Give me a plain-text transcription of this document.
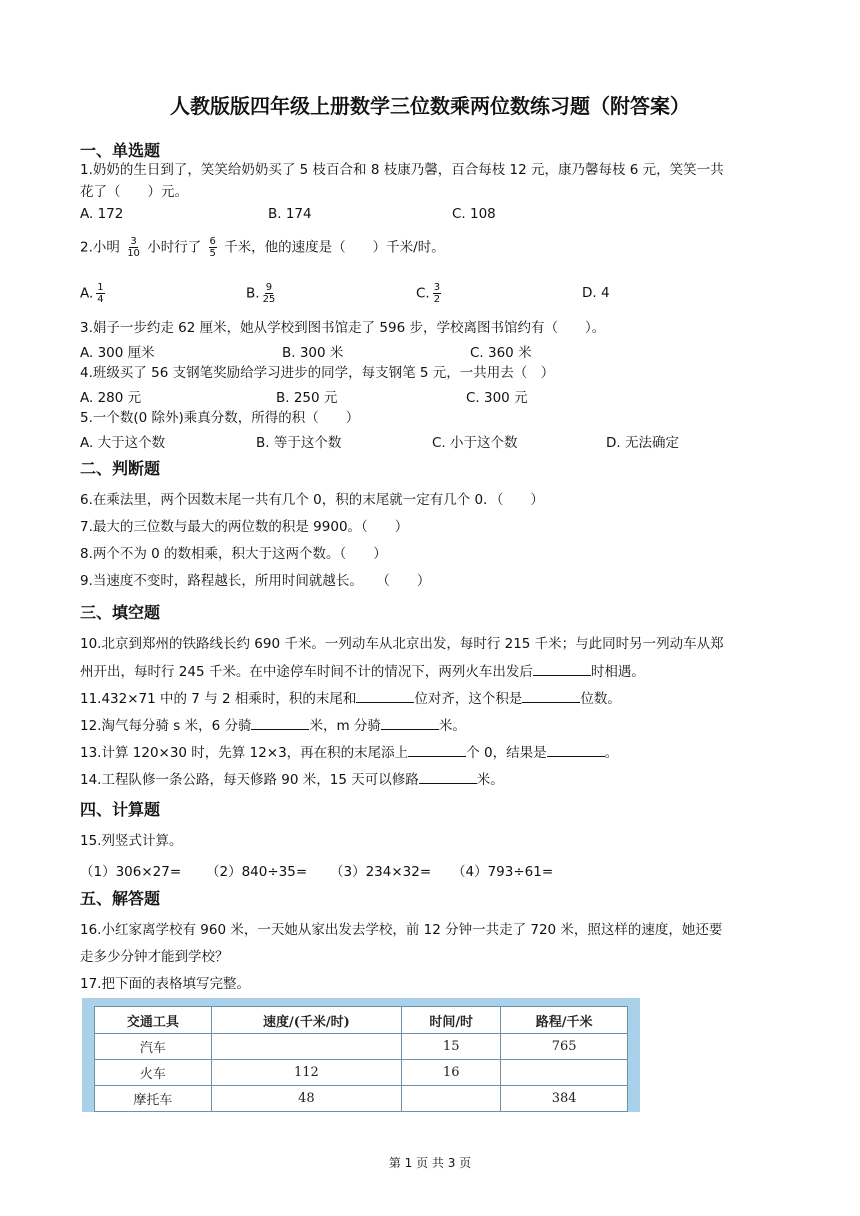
人教版版四年级上册数学三位数乘两位数练习题（附答案）
一、单选题
1.奶奶的生日到了，笑笑给奶奶买了 5 枝百合和 8 枝康乃馨，百合每枝 12 元，康乃馨每枝 6 元，笑笑一共
花了（　　）元。
A. 172	B. 174	C. 108
2.小明 $\frac{3}{10}$ 小时行了 $\frac{6}{5}$ 千米，他的速度是（　　）千米/时。
A. $\frac{1}{4}$	B. $\frac{9}{25}$	C. $\frac{3}{2}$	D. 4
3.娟子一步约走 62 厘米，她从学校到图书馆走了 596 步，学校离图书馆约有（　　）。
A. 300 厘米	B. 300 米	C. 360 米
4.班级买了 56 支钢笔奖励给学习进步的同学，每支钢笔 5 元，一共用去（　）
A. 280 元	B. 250 元	C. 300 元
5.一个数(0 除外)乘真分数，所得的积（　　）
A. 大于这个数	B. 等于这个数	C. 小于这个数	D. 无法确定
二、判断题
6.在乘法里，两个因数末尾一共有几个 0，积的末尾就一定有几个 0．（　　）
7.最大的三位数与最大的两位数的积是 9900。（　　）
8.两个不为 0 的数相乘，积大于这两个数。（　　）
9.当速度不变时，路程越长，所用时间就越长。　　（　　）
三、填空题
10.北京到郑州的铁路线长约 690 千米。一列动车从北京出发，每时行 215 千米；与此同时另一列动车从郑
州开出，每时行 245 千米。在中途停车时间不计的情况下，两列火车出发后	时相遇。
11.432×71 中的 7 与 2 相乘时，积的末尾和	位对齐，这个积是	位数。
12.淘气每分骑 s 米，6 分骑	米，m 分骑	米。
13.计算 120×30 时，先算 12×3，再在积的末尾添上	个 0，结果是	。
14.工程队修一条公路，每天修路 90 米，15 天可以修路	米。
四、计算题
15.列竖式计算。
（1）306×27= （2）840÷35= （3）234×32= （4）793÷61=
五、解答题
16.小红家离学校有 960 米，一天她从家出发去学校，前 12 分钟一共走了 720 米，照这样的速度，她还要
走多少分钟才能到学校？
17.把下面的表格填写完整。
交通工具	速度/(千米/时)	时间/时	路程/千米
汽车		15	765
火车	112	16	
摩托车	48		384
第 1 页 共 3 页
